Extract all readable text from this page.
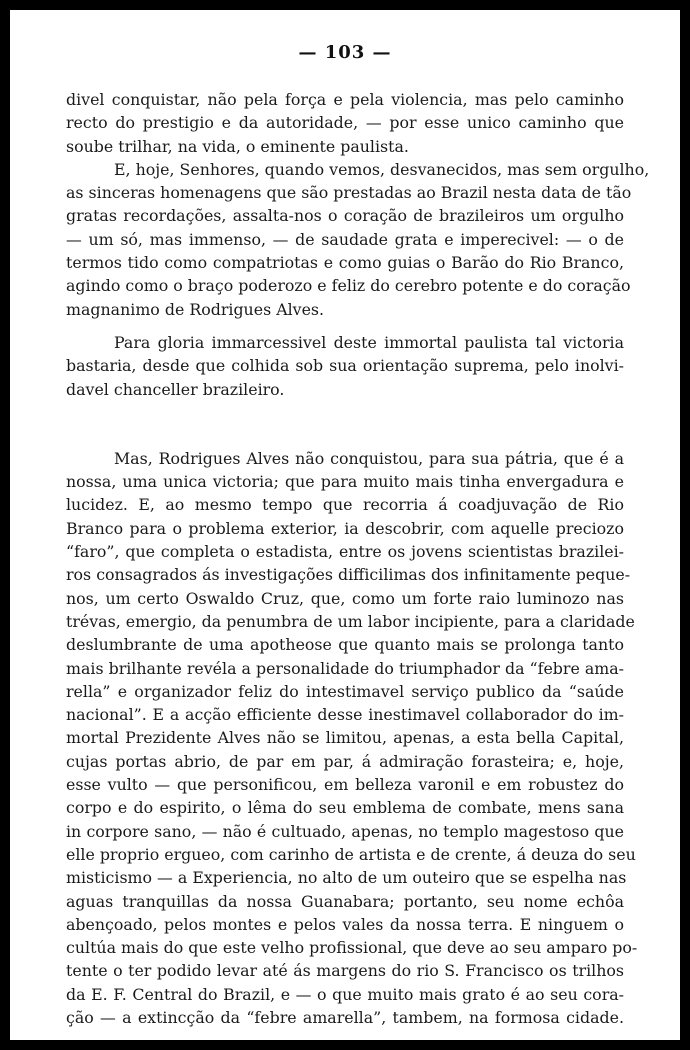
— 103 —
divel conquistar, não pela força e pela violencia, mas pelo caminho
recto do prestigio e da autoridade, — por esse unico caminho que
soube trilhar, na vida, o eminente paulista.
E, hoje, Senhores, quando vemos, desvanecidos, mas sem orgulho,
as sinceras homenagens que são prestadas ao Brazil nesta data de tão
gratas recordações, assalta-nos o coração de brazileiros um orgulho
— um só, mas immenso, — de saudade grata e imperecivel: — o de
termos tido como compatriotas e como guias o Barão do Rio Branco,
agindo como o braço poderozo e feliz do cerebro potente e do coração
magnanimo de Rodrigues Alves.
Para gloria immarcessivel deste immortal paulista tal victoria
bastaria, desde que colhida sob sua orientação suprema, pelo inolvi-
davel chanceller brazileiro.
Mas, Rodrigues Alves não conquistou, para sua pátria, que é a
nossa, uma unica victoria; que para muito mais tinha envergadura e
lucidez. E, ao mesmo tempo que recorria á coadjuvação de Rio
Branco para o problema exterior, ia descobrir, com aquelle preciozo
“faro”, que completa o estadista, entre os jovens scientistas brazilei-
ros consagrados ás investigações difficilimas dos infinitamente peque-
nos, um certo Oswaldo Cruz, que, como um forte raio luminozo nas
trévas, emergio, da penumbra de um labor incipiente, para a claridade
deslumbrante de uma apotheose que quanto mais se prolonga tanto
mais brilhante revéla a personalidade do triumphador da “febre ama-
rella” e organizador feliz do intestimavel serviço publico da “saúde
nacional”. E a acção efficiente desse inestimavel collaborador do im-
mortal Prezidente Alves não se limitou, apenas, a esta bella Capital,
cujas portas abrio, de par em par, á admiração forasteira; e, hoje,
esse vulto — que personificou, em belleza varonil e em robustez do
corpo e do espirito, o lêma do seu emblema de combate, mens sana
in corpore sano, — não é cultuado, apenas, no templo magestoso que
elle proprio ergueo, com carinho de artista e de crente, á deuza do seu
misticismo — a Experiencia, no alto de um outeiro que se espelha nas
aguas tranquillas da nossa Guanabara; portanto, seu nome echôa
abençoado, pelos montes e pelos vales da nossa terra. E ninguem o
cultúa mais do que este velho profissional, que deve ao seu amparo po-
tente o ter podido levar até ás margens do rio S. Francisco os trilhos
da E. F. Central do Brazil, e — o que muito mais grato é ao seu cora-
ção — a extincção da “febre amarella”, tambem, na formosa cidade.
